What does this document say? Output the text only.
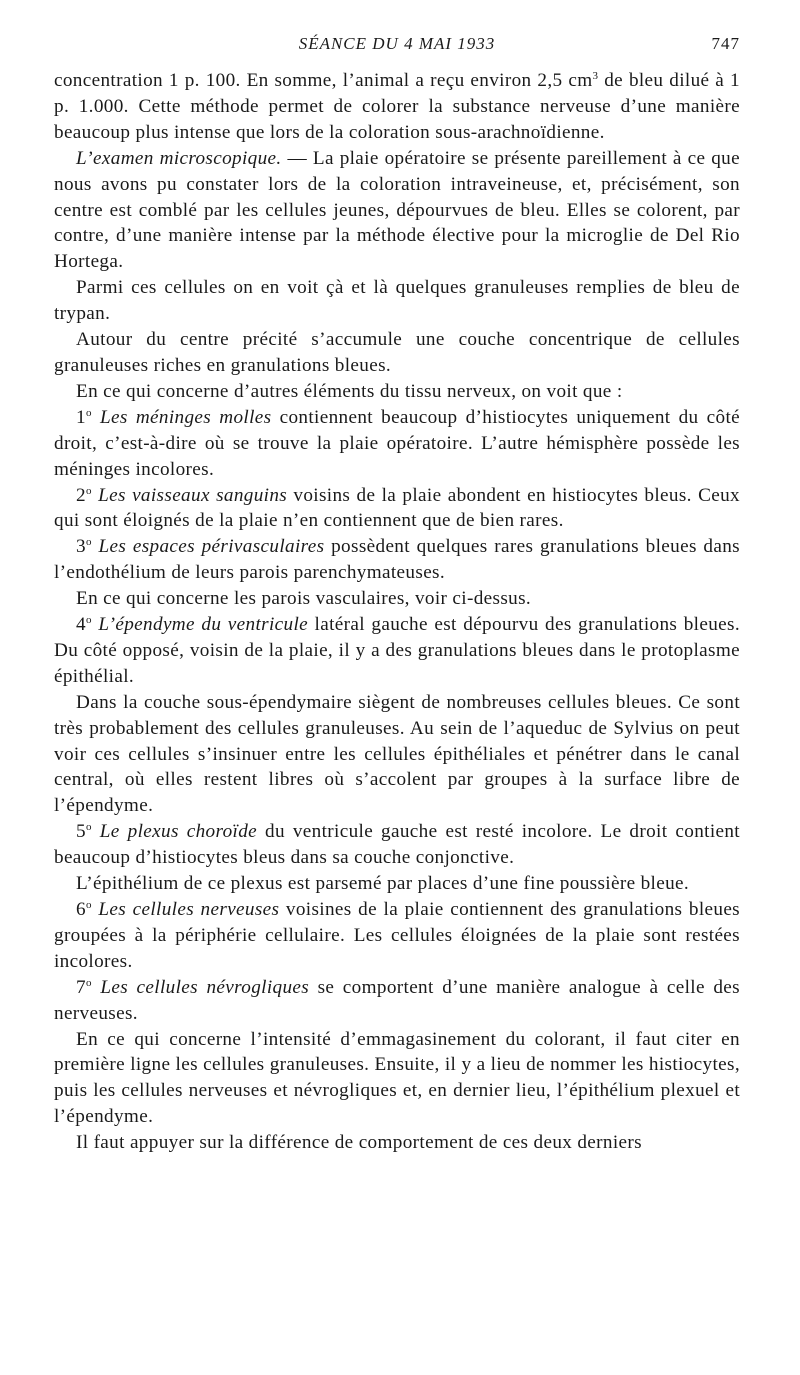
SÉANCE DU 4 MAI 1933	747

concentration 1 p. 100. En somme, l’animal a reçu environ 2,5 $cm^3$ de bleu dilué à 1 p. 1.000. Cette méthode permet de colorer la substance nerveuse d’une manière beaucoup plus intense que lors de la coloration sous-arachnoïdienne.

L’examen microscopique. — La plaie opératoire se présente pareillement à ce que nous avons pu constater lors de la coloration intraveineuse, et, précisément, son centre est comblé par les cellules jeunes, dépourvues de bleu. Elles se colorent, par contre, d’une manière intense par la méthode élective pour la microglie de Del Rio Hortega.

Parmi ces cellules on en voit çà et là quelques granuleuses remplies de bleu de trypan.

Autour du centre précité s’accumule une couche concentrique de cellules granuleuses riches en granulations bleues.

En ce qui concerne d’autres éléments du tissu nerveux, on voit que :

1$^o$ Les méninges molles contiennent beaucoup d’histiocytes uniquement du côté droit, c’est-à-dire où se trouve la plaie opératoire. L’autre hémisphère possède les méninges incolores.

2$^o$ Les vaisseaux sanguins voisins de la plaie abondent en histiocytes bleus. Ceux qui sont éloignés de la plaie n’en contiennent que de bien rares.

3$^o$ Les espaces périvasculaires possèdent quelques rares granulations bleues dans l’endothélium de leurs parois parenchymateuses.

En ce qui concerne les parois vasculaires, voir ci-dessus.

4$^o$ L’épendyme du ventricule latéral gauche est dépourvu des granulations bleues. Du côté opposé, voisin de la plaie, il y a des granulations bleues dans le protoplasme épithélial.

Dans la couche sous-épendymaire siègent de nombreuses cellules bleues. Ce sont très probablement des cellules granuleuses. Au sein de l’aqueduc de Sylvius on peut voir ces cellules s’insinuer entre les cellules épithéliales et pénétrer dans le canal central, où elles restent libres où s’accolent par groupes à la surface libre de l’épendyme.

5$^o$ Le plexus choroïde du ventricule gauche est resté incolore. Le droit contient beaucoup d’histiocytes bleus dans sa couche conjonctive.

L’épithélium de ce plexus est parsemé par places d’une fine poussière bleue.

6$^o$ Les cellules nerveuses voisines de la plaie contiennent des granulations bleues groupées à la périphérie cellulaire. Les cellules éloignées de la plaie sont restées incolores.

7$^o$ Les cellules névrogliques se comportent d’une manière analogue à celle des nerveuses.

En ce qui concerne l’intensité d’emmagasinement du colorant, il faut citer en première ligne les cellules granuleuses. Ensuite, il y a lieu de nommer les histiocytes, puis les cellules nerveuses et névrogliques et, en dernier lieu, l’épithélium plexuel et l’épendyme.

Il faut appuyer sur la différence de comportement de ces deux derniers
